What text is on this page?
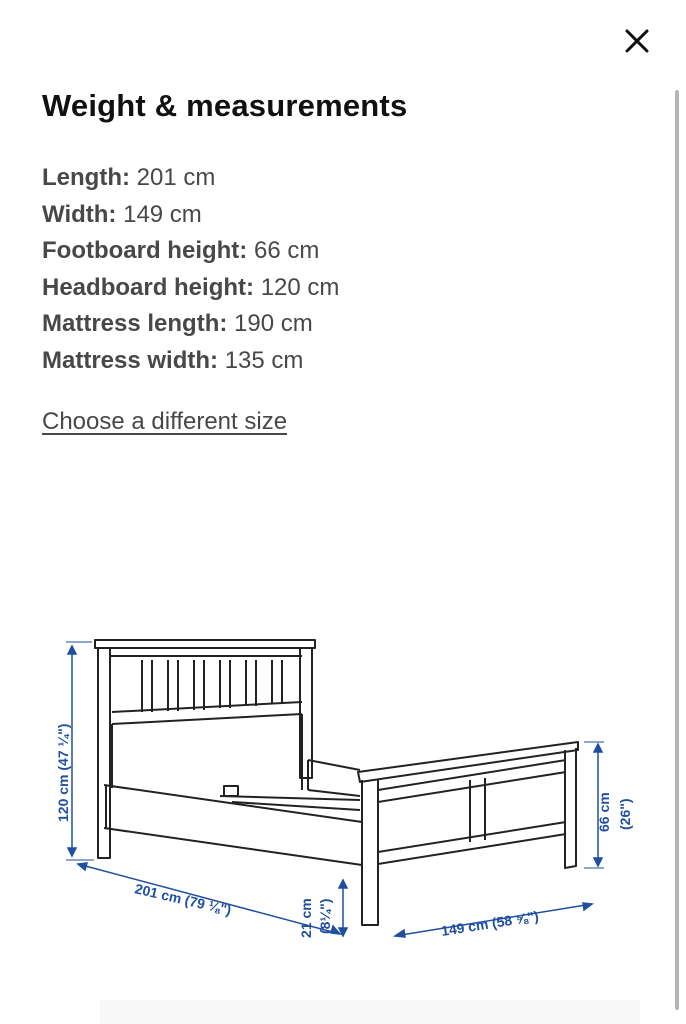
Weight & measurements
Length: 201 cm
Width: 149 cm
Footboard height: 66 cm
Headboard height: 120 cm
Mattress length: 190 cm
Mattress width: 135 cm
Choose a different size
120 cm (47 ¼")	66 cm (26")
201 cm (79 ⅛")	21 cm (8¼")	149 cm (58 ⅝")
